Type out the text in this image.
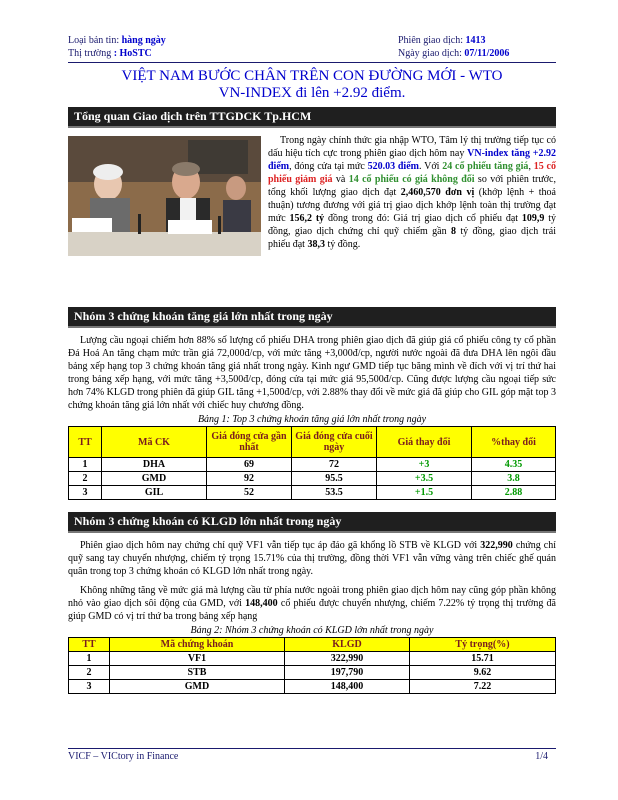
Loại bản tin: hàng ngày
Thị trường : HoSTC
Phiên giao dịch: 1413
Ngày giao dịch: 07/11/2006
VIỆT NAM BƯỚC CHÂN TRÊN CON ĐƯỜNG MỚI - WTO
VN-INDEX đi lên +2.92 điểm.
Tổng quan Giao dịch trên TTGDCK Tp.HCM
Trong ngày chính thức gia nhập WTO, Tâm lý thị trường tiếp tục có dấu hiệu tích cực trong phiên giao dịch hôm nay VN-index tăng +2.92 điểm, đóng cửa tại mức 520.03 điểm. Với 24 cổ phiếu tăng giá, 15 cổ phiếu giảm giá và 14 cổ phiếu có giá không đổi so với phiên trước, tổng khối lượng giao dịch đạt 2,460,570 đơn vị (khớp lệnh + thoả thuận) tương đương với giá trị giao dịch khớp lệnh toàn thị trường đạt mức 156,2 tỷ đồng trong đó: Giá trị giao dịch cổ phiếu đạt 109,9 tỷ đồng, giao dịch chứng chỉ quỹ chiếm gần 8 tỷ đồng, giao dịch trái phiếu đạt 38,3 tỷ đồng.
Nhóm 3 chứng khoán tăng giá lớn nhất trong ngày
Lượng cầu ngoại chiếm hơn 88% số lượng cổ phiếu DHA trong phiên giao dịch đã giúp giá cổ phiếu công ty cổ phần Đá Hoá An tăng chạm mức trần giá 72,000đ/cp, với mức tăng +3,000đ/cp, người nước ngoài đã đưa DHA lên ngôi đầu bảng xếp hạng top 3 chứng khoán tăng giá nhất trong ngày. Kình ngư GMD tiếp tục băng mình về đích với vị trí thứ hai trong bảng xếp hạng, với mức tăng +3,500đ/cp, đóng cửa tại mức giá 95,500đ/cp. Cũng được lượng cầu ngoại tiếp sức hơn 74% KLGD trong phiên đã giúp GIL tăng +1,500đ/cp, với 2.88% thay đổi về mức giá đã giúp cho GIL góp mặt top 3 chứng khoán tăng giá lớn nhất với chiếc huy chương đồng.
Bảng 1: Top 3 chứng khoán tăng giá lớn nhất trong ngày
TT	Mã CK	Giá đóng cửa gần nhất	Giá đóng cửa cuối ngày	Giá thay đổi	%thay đổi
1	DHA	69	72	+3	4.35
2	GMD	92	95.5	+3.5	3.8
3	GIL	52	53.5	+1.5	2.88
Nhóm 3 chứng khoán có KLGD lớn nhất trong ngày
Phiên giao dịch hôm nay chứng chỉ quỹ VF1 vẫn tiếp tục áp đảo gã khổng lồ STB về KLGD với 322,990 chứng chỉ quỹ sang tay chuyển nhượng, chiếm tỷ trọng 15.71% của thị trường, đồng thời VF1 vẫn vững vàng trên chiếc ghế quán quân trong top 3 chứng khoán có KLGD lớn nhất trong ngày.
Không những tăng về mức giá mà lượng cầu từ phía nước ngoài trong phiên giao dịch hôm nay cũng góp phần không nhỏ vào giao dịch sôi động của GMD, với 148,400 cổ phiếu được chuyển nhượng, chiếm 7.22% tỷ trọng thị trường đã giúp GMD có vị trí thứ ba trong bảng xếp hạng
Bảng 2: Nhóm 3 chứng khoán có KLGD lớn nhất trong ngày
TT	Mã chứng khoán	KLGD	Tỷ trọng(%)
1	VF1	322,990	15.71
2	STB	197,790	9.62
3	GMD	148,400	7.22
VICF – VICtory in Finance	1/4
